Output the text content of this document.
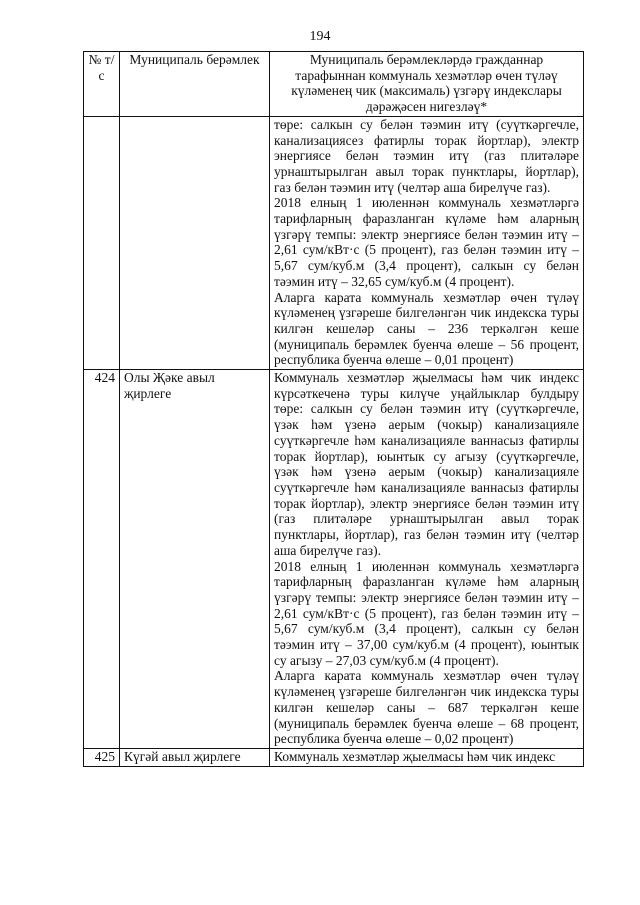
194
№ т/с	Муниципаль берәмлек	Муниципаль берәмлекләрдә гражданнар тарафыннан коммуналь хезмәтләр өчен түләү күләменең чик (максималь) үзгәрү индекслары дәрәҗәсен нигезләү*

		төре: салкын су белән тәэмин итү (суүткәргечле, канализациясез фатирлы торак йортлар), электр энергиясе белән тәэмин итү (газ плитәләре урнаштырылган авыл торак пунктлары, йортлар), газ белән тәэмин итү (челтәр аша бирелүче газ).
2018 елның 1 июленнән коммуналь хезмәтләргә тарифларның фаразланган күләме һәм аларның үзгәрү темпы: электр энергиясе белән тәэмин итү – 2,61 сум/кВт·с (5 процент), газ белән тәэмин итү – 5,67 сум/куб.м (3,4 процент), салкын су белән тәэмин итү – 32,65 сум/куб.м (4 процент).
Аларга карата коммуналь хезмәтләр өчен түләү күләменең үзгәреше билгеләнгән чик индекска туры килгән кешеләр саны – 236 теркәлгән кеше (муниципаль берәмлек буенча өлеше – 56 процент, республика буенча өлеше – 0,01 процент)

424	Олы Җәке авыл җирлеге	Коммуналь хезмәтләр җыелмасы һәм чик индекс күрсәткеченә туры килүче уңайлыклар булдыру төре: салкын су белән тәэмин итү (суүткәргечле, үзәк һәм үзенә аерым (чокыр) канализацияле суүткәргечле һәм канализацияле ваннасыз фатирлы торак йортлар), юынтык су агызу (суүткәргечле, үзәк һәм үзенә аерым (чокыр) канализацияле суүткәргечле һәм канализацияле ваннасыз фатирлы торак йортлар), электр энергиясе белән тәэмин итү (газ плитәләре урнаштырылган авыл торак пунктлары, йортлар), газ белән тәэмин итү (челтәр аша бирелүче газ).
2018 елның 1 июленнән коммуналь хезмәтләргә тарифларның фаразланган күләме һәм аларның үзгәрү темпы: электр энергиясе белән тәэмин итү – 2,61 сум/кВт·с (5 процент), газ белән тәэмин итү – 5,67 сум/куб.м (3,4 процент), салкын су белән тәэмин итү – 37,00 сум/куб.м (4 процент), юынтык су агызу – 27,03 сум/куб.м (4 процент).
Аларга карата коммуналь хезмәтләр өчен түләү күләменең үзгәреше билгеләнгән чик индекска туры килгән кешеләр саны – 687 теркәлгән кеше (муниципаль берәмлек буенча өлеше – 68 процент, республика буенча өлеше – 0,02 процент)

425	Күгәй авыл җирлеге	Коммуналь хезмәтләр җыелмасы һәм чик индекс
